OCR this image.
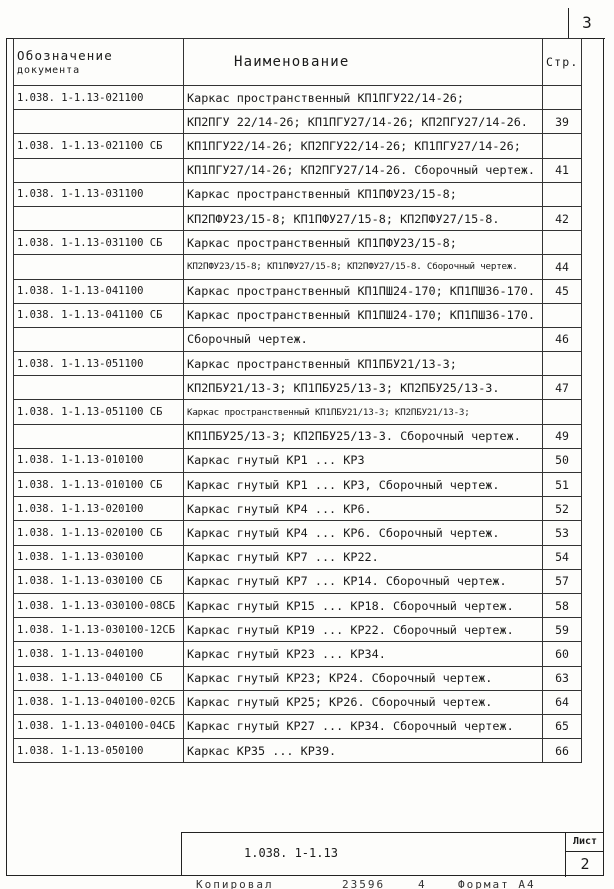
3
Обозначение
документа	Наименование	Стр.
1.038. 1-1.13-021100	Каркас пространственный КП1ПГУ22/14-26;	
	КП2ПГУ 22/14-26; КП1ПГУ27/14-26; КП2ПГУ27/14-26.	39
1.038. 1-1.13-021100 СБ	КП1ПГУ22/14-26; КП2ПГУ22/14-26; КП1ПГУ27/14-26;	
	КП1ПГУ27/14-26; КП2ПГУ27/14-26. Сборочный чертеж.	41
1.038. 1-1.13-031100	Каркас пространственный КП1ПФУ23/15-8;	
	КП2ПФУ23/15-8; КП1ПФУ27/15-8; КП2ПФУ27/15-8.	42
1.038. 1-1.13-031100 СБ	Каркас пространственный КП1ПФУ23/15-8;	
	КП2ПФУ23/15-8; КП1ПФУ27/15-8; КП2ПФУ27/15-8. Сборочный чертеж.	44
1.038. 1-1.13-041100	Каркас пространственный КП1ПШ24-170; КП1ПШ36-170.	45
1.038. 1-1.13-041100 СБ	Каркас пространственный КП1ПШ24-170; КП1ПШ36-170.	
	Сборочный чертеж.	46
1.038. 1-1.13-051100	Каркас пространственный КП1ПБУ21/13-3;	
	КП2ПБУ21/13-3; КП1ПБУ25/13-3; КП2ПБУ25/13-3.	47
1.038. 1-1.13-051100 СБ	Каркас пространственный КП1ПБУ21/13-3; КП2ПБУ21/13-3;	
	КП1ПБУ25/13-3; КП2ПБУ25/13-3. Сборочный чертеж.	49
1.038. 1-1.13-010100	Каркас гнутый КР1 ... КР3	50
1.038. 1-1.13-010100 СБ	Каркас гнутый КР1 ... КР3, Сборочный чертеж.	51
1.038. 1-1.13-020100	Каркас гнутый КР4 ... КР6.	52
1.038. 1-1.13-020100 СБ	Каркас гнутый КР4 ... КР6. Сборочный чертеж.	53
1.038. 1-1.13-030100	Каркас гнутый КР7 ... КР22.	54
1.038. 1-1.13-030100 СБ	Каркас гнутый КР7 ... КР14. Сборочный чертеж.	57
1.038. 1-1.13-030100-08СБ	Каркас гнутый КР15 ... КР18. Сборочный чертеж.	58
1.038. 1-1.13-030100-12СБ	Каркас гнутый КР19 ... КР22. Сборочный чертеж.	59
1.038. 1-1.13-040100	Каркас гнутый КР23 ... КР34.	60
1.038. 1-1.13-040100 СБ	Каркас гнутый КР23; КР24. Сборочный чертеж.	63
1.038. 1-1.13-040100-02СБ	Каркас гнутый КР25; КР26. Сборочный чертеж.	64
1.038. 1-1.13-040100-04СБ	Каркас гнутый КР27 ... КР34. Сборочный чертеж.	65
1.038. 1-1.13-050100	Каркас КР35 ... КР39.	66
1.038. 1-1.13
Лист
2
Копировал	23596	4	Формат А4
